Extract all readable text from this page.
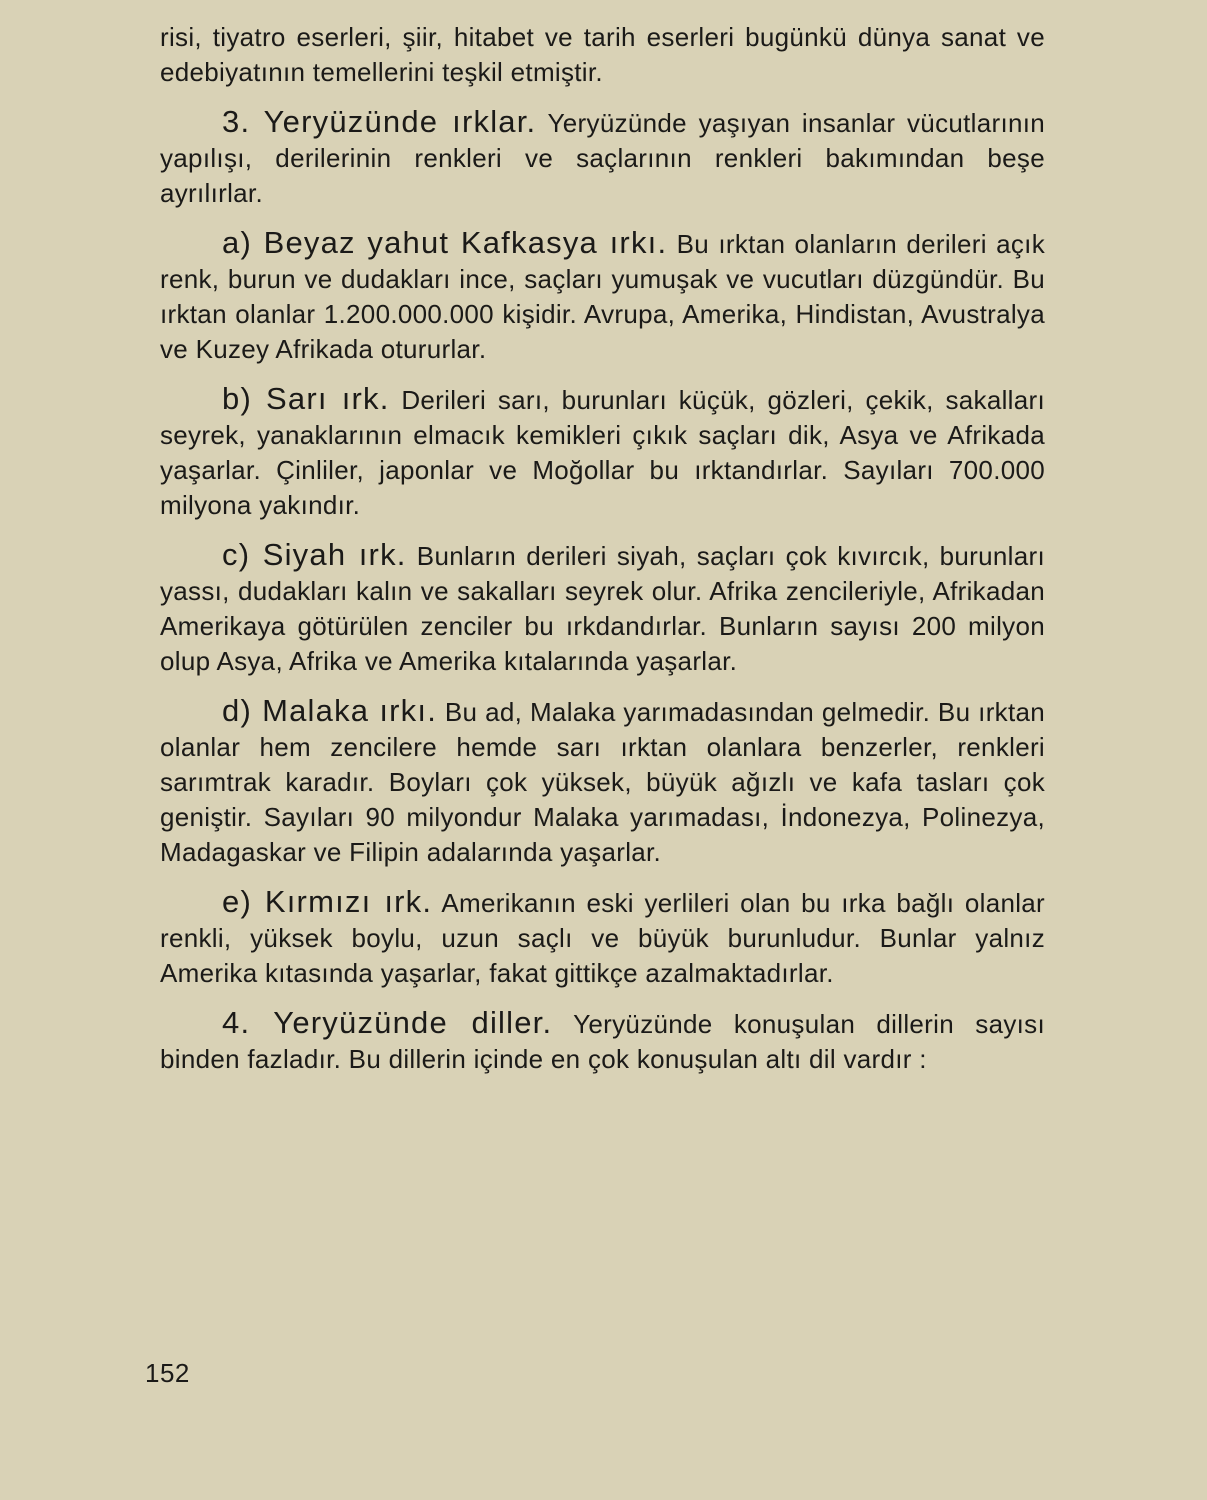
risi, tiyatro eserleri, şiir, hitabet ve tarih eserleri bugünkü dünya sanat ve edebiyatının temellerini teşkil etmiştir.

3. Yeryüzünde ırklar. Yeryüzünde yaşıyan insanlar vücutlarının yapılışı, derilerinin renkleri ve saçlarının renkleri bakımından beşe ayrılırlar.

a) Beyaz yahut Kafkasya ırkı. Bu ırktan olanların derileri açık renk, burun ve dudakları ince, saçları yumuşak ve vucutları düzgündür. Bu ırktan olanlar 1.200.000.000 kişidir. Avrupa, Amerika, Hindistan, Avustralya ve Kuzey Afrikada otururlar.

b) Sarı ırk. Derileri sarı, burunları küçük, gözleri, çekik, sakalları seyrek, yanaklarının elmacık kemikleri çıkık saçları dik, Asya ve Afrikada yaşarlar. Çinliler, japonlar ve Moğollar bu ırktandırlar. Sayıları 700.000 milyona yakındır.

c) Siyah ırk. Bunların derileri siyah, saçları çok kıvırcık, burunları yassı, dudakları kalın ve sakalları seyrek olur. Afrika zencileriyle, Afrikadan Amerikaya götürülen zenciler bu ırkdandırlar. Bunların sayısı 200 milyon olup Asya, Afrika ve Amerika kıtalarında yaşarlar.

d) Malaka ırkı. Bu ad, Malaka yarımadasından gelmedir. Bu ırktan olanlar hem zencilere hemde sarı ırktan olanlara benzerler, renkleri sarımtrak karadır. Boyları çok yüksek, büyük ağızlı ve kafa tasları çok geniştir. Sayıları 90 milyondur Malaka yarımadası, İndonezya, Polinezya, Madagaskar ve Filipin adalarında yaşarlar.

e) Kırmızı ırk. Amerikanın eski yerlileri olan bu ırka bağlı olanlar renkli, yüksek boylu, uzun saçlı ve büyük burunludur. Bunlar yalnız Amerika kıtasında yaşarlar, fakat gittikçe azalmaktadırlar.

4. Yeryüzünde diller. Yeryüzünde konuşulan dillerin sayısı binden fazladır. Bu dillerin içinde en çok konuşulan altı dil vardır :

152
